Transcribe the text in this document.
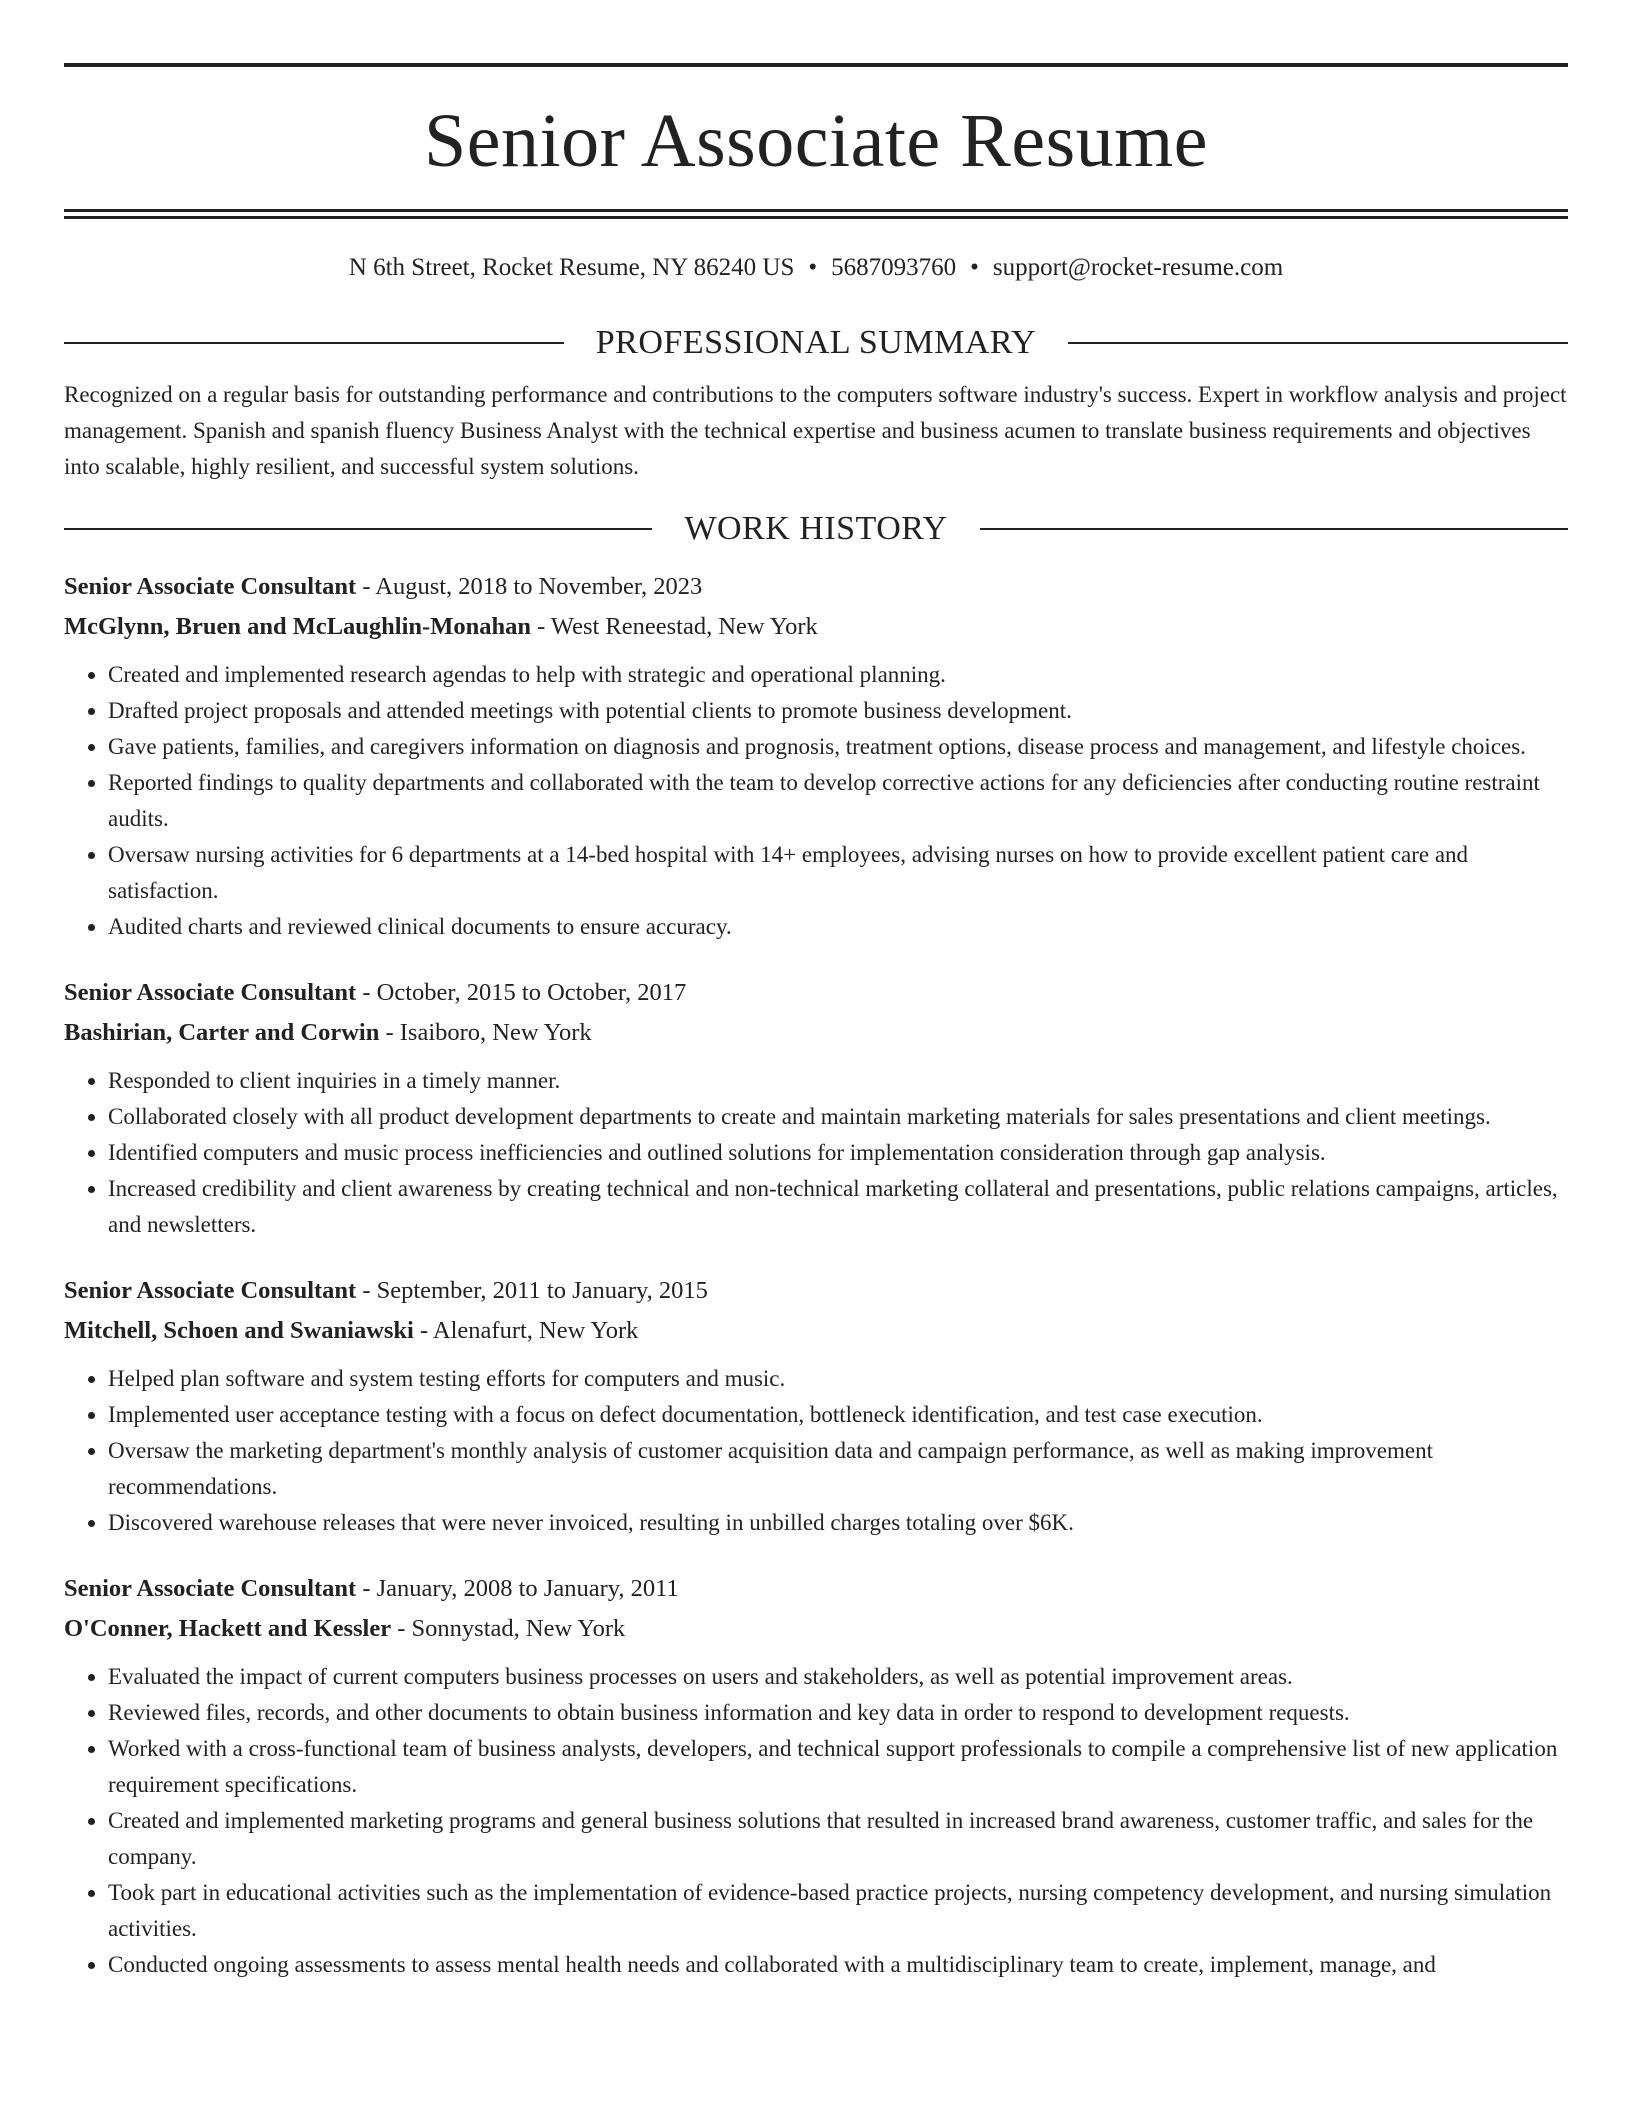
Senior Associate Resume
N 6th Street, Rocket Resume, NY 86240 US • 5687093760 • support@rocket-resume.com
PROFESSIONAL SUMMARY

Recognized on a regular basis for outstanding performance and contributions to the computers software industry's success. Expert in workflow analysis and project management. Spanish and spanish fluency Business Analyst with the technical expertise and business acumen to translate business requirements and objectives into scalable, highly resilient, and successful system solutions.

WORK HISTORY
Senior Associate Consultant - August, 2018 to November, 2023
McGlynn, Bruen and McLaughlin-Monahan - West Reneestad, New York
• Created and implemented research agendas to help with strategic and operational planning.
• Drafted project proposals and attended meetings with potential clients to promote business development.
• Gave patients, families, and caregivers information on diagnosis and prognosis, treatment options, disease process and management, and lifestyle choices.
• Reported findings to quality departments and collaborated with the team to develop corrective actions for any deficiencies after conducting routine restraint audits.
• Oversaw nursing activities for 6 departments at a 14-bed hospital with 14+ employees, advising nurses on how to provide excellent patient care and satisfaction.
• Audited charts and reviewed clinical documents to ensure accuracy.
Senior Associate Consultant - October, 2015 to October, 2017
Bashirian, Carter and Corwin - Isaiboro, New York
• Responded to client inquiries in a timely manner.
• Collaborated closely with all product development departments to create and maintain marketing materials for sales presentations and client meetings.
• Identified computers and music process inefficiencies and outlined solutions for implementation consideration through gap analysis.
• Increased credibility and client awareness by creating technical and non-technical marketing collateral and presentations, public relations campaigns, articles, and newsletters.
Senior Associate Consultant - September, 2011 to January, 2015
Mitchell, Schoen and Swaniawski - Alenafurt, New York
• Helped plan software and system testing efforts for computers and music.
• Implemented user acceptance testing with a focus on defect documentation, bottleneck identification, and test case execution.
• Oversaw the marketing department's monthly analysis of customer acquisition data and campaign performance, as well as making improvement recommendations.
• Discovered warehouse releases that were never invoiced, resulting in unbilled charges totaling over $6K.
Senior Associate Consultant - January, 2008 to January, 2011
O'Conner, Hackett and Kessler - Sonnystad, New York
• Evaluated the impact of current computers business processes on users and stakeholders, as well as potential improvement areas.
• Reviewed files, records, and other documents to obtain business information and key data in order to respond to development requests.
• Worked with a cross-functional team of business analysts, developers, and technical support professionals to compile a comprehensive list of new application requirement specifications.
• Created and implemented marketing programs and general business solutions that resulted in increased brand awareness, customer traffic, and sales for the company.
• Took part in educational activities such as the implementation of evidence-based practice projects, nursing competency development, and nursing simulation activities.
• Conducted ongoing assessments to assess mental health needs and collaborated with a multidisciplinary team to create, implement, manage, and
